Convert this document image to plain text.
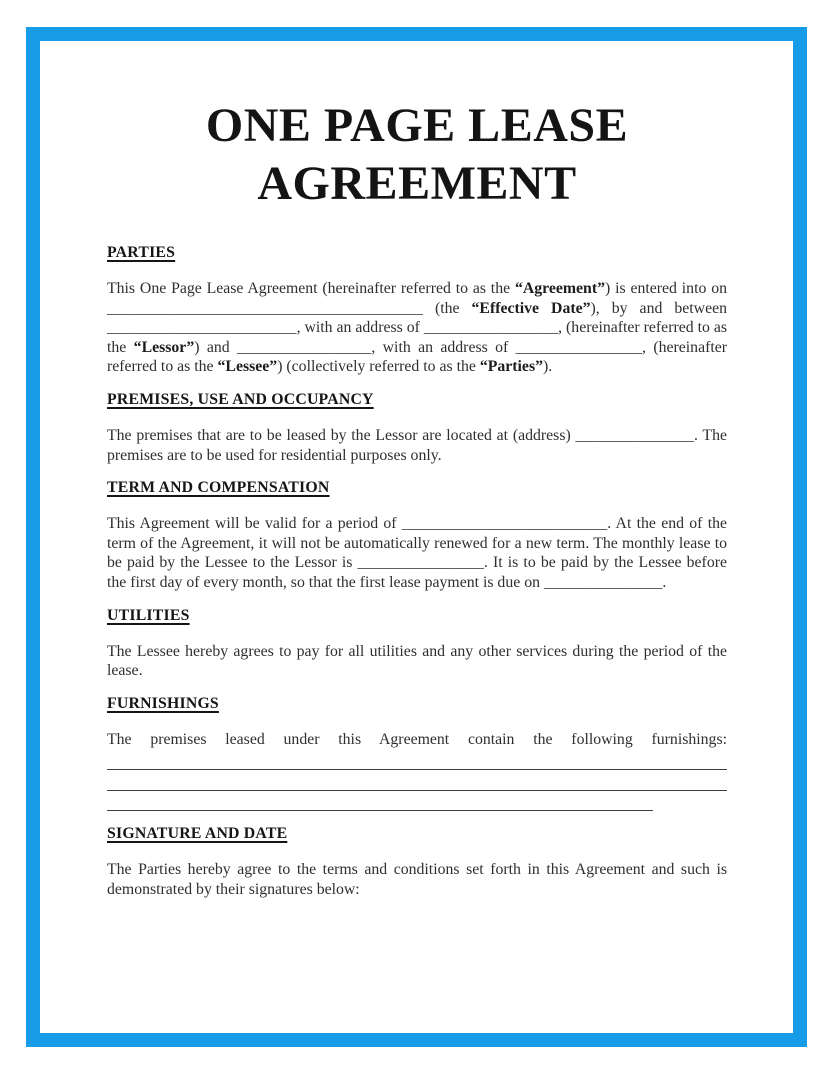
ONE PAGE LEASE
AGREEMENT
PARTIES

This One Page Lease Agreement (hereinafter referred to as the “Agreement”) is entered into on ________________________________________ (the “Effective Date”), by and between ________________________, with an address of _________________, (hereinafter referred to as the “Lessor”) and _________________, with an address of ________________, (hereinafter referred to as the “Lessee”) (collectively referred to as the “Parties”).

PREMISES, USE AND OCCUPANCY

The premises that are to be leased by the Lessor are located at (address) _______________. The premises are to be used for residential purposes only.

TERM AND COMPENSATION

This Agreement will be valid for a period of __________________________. At the end of the term of the Agreement, it will not be automatically renewed for a new term. The monthly lease to be paid by the Lessee to the Lessor is ________________. It is to be paid by the Lessee before the first day of every month, so that the first lease payment is due on _______________.

UTILITIES

The Lessee hereby agrees to pay for all utilities and any other services during the period of the lease.

FURNISHINGS

The premises leased under this Agreement contain the following furnishings:

SIGNATURE AND DATE

The Parties hereby agree to the terms and conditions set forth in this Agreement and such is demonstrated by their signatures below:
